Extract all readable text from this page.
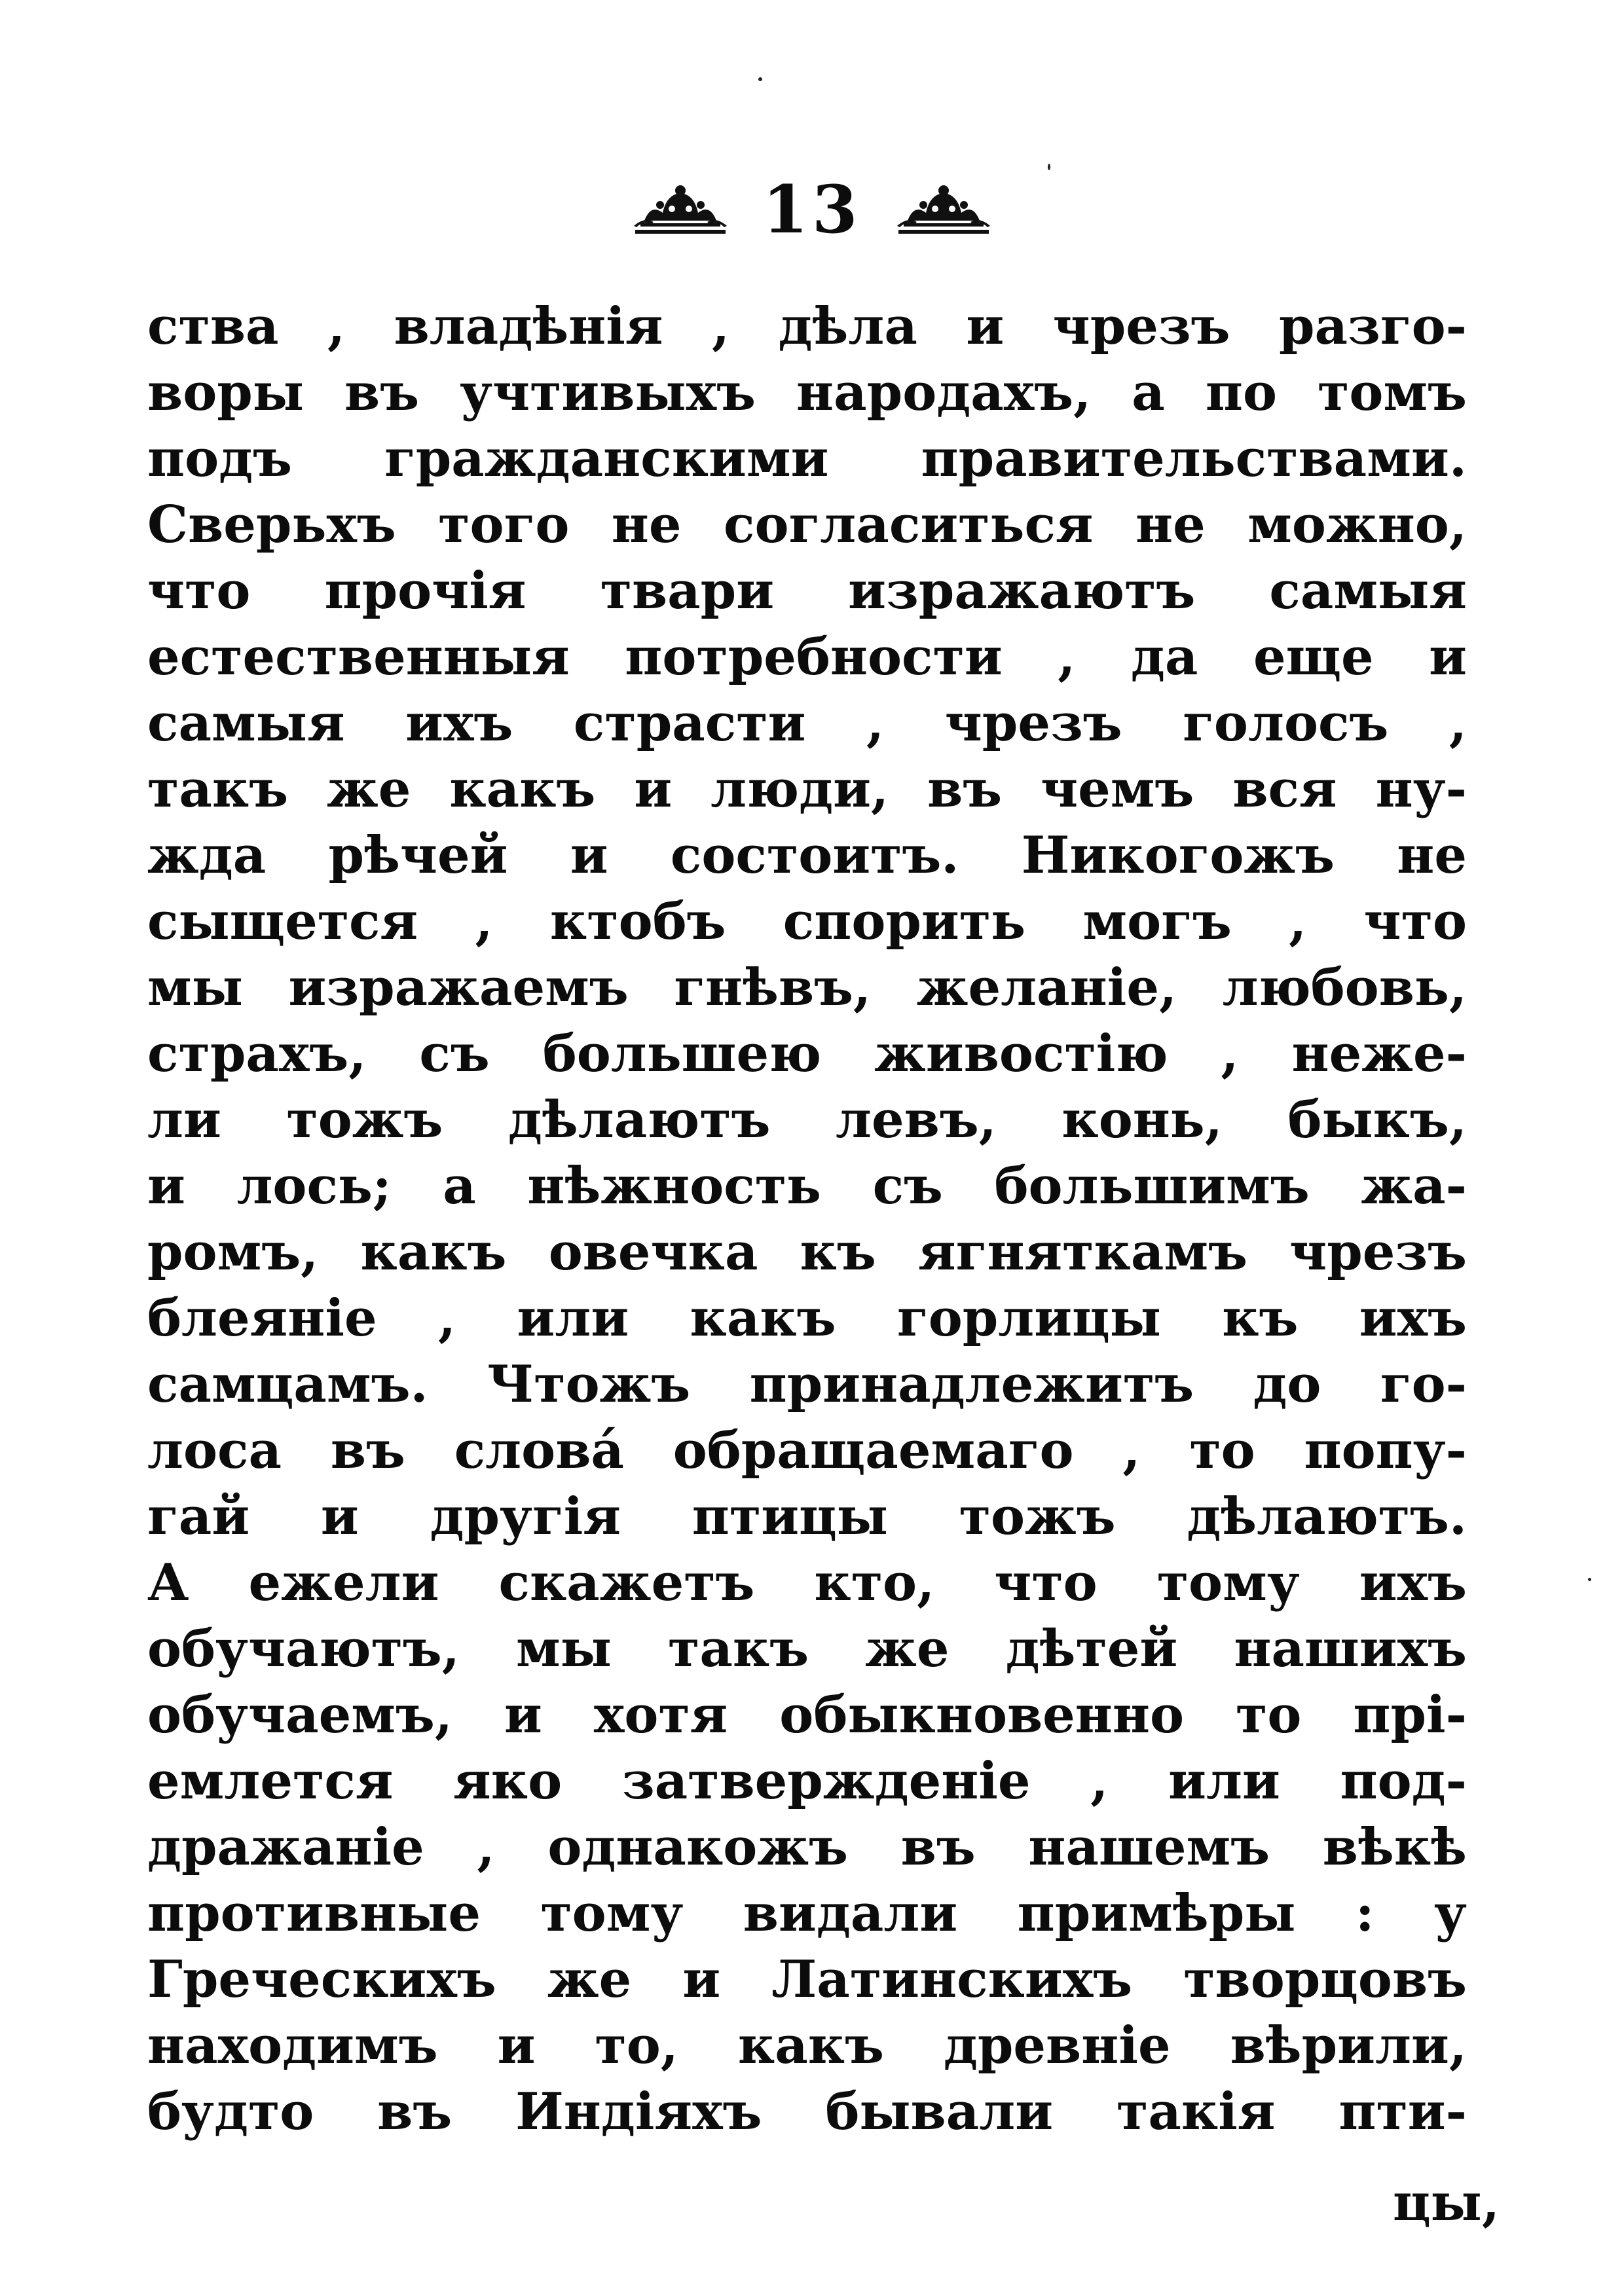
13
ства , владѣнія , дѣла и чрезъ разго-
воры въ учтивыхъ народахъ, а по томъ
подъ гражданскими правительствами.
Сверьхъ того не согласиться не можно,
что прочія твари изражаютъ самыя
естественныя потребности , да еще и
самыя ихъ страсти , чрезъ голосъ ,
такъ же какъ и люди, въ чемъ вся ну-
жда рѣчей и состоитъ. Никогожъ не
сыщется , ктобъ спорить могъ , что
мы изражаемъ гнѣвъ, желаніе, любовь,
страхъ, съ большею живостію , неже-
ли тожъ дѣлаютъ левъ, конь, быкъ,
и лось; а нѣжность съ большимъ жа-
ромъ, какъ овечка къ ягняткамъ чрезъ
блеяніе , или какъ горлицы къ ихъ
самцамъ. Чтожъ принадлежитъ до го-
лоса въ слова́ обращаемаго , то попу-
гай и другія птицы тожъ дѣлаютъ.
А ежели скажетъ кто, что тому ихъ
обучаютъ, мы такъ же дѣтей нашихъ
обучаемъ, и хотя обыкновенно то прі-
емлется яко затвержденіе , или под-
дражаніе , однакожъ въ нашемъ вѣкѣ
противные тому видали примѣры : у
Греческихъ же и Латинскихъ творцовъ
находимъ и то, какъ древніе вѣрили,
будто въ Индіяхъ бывали такія пти-
цы,
